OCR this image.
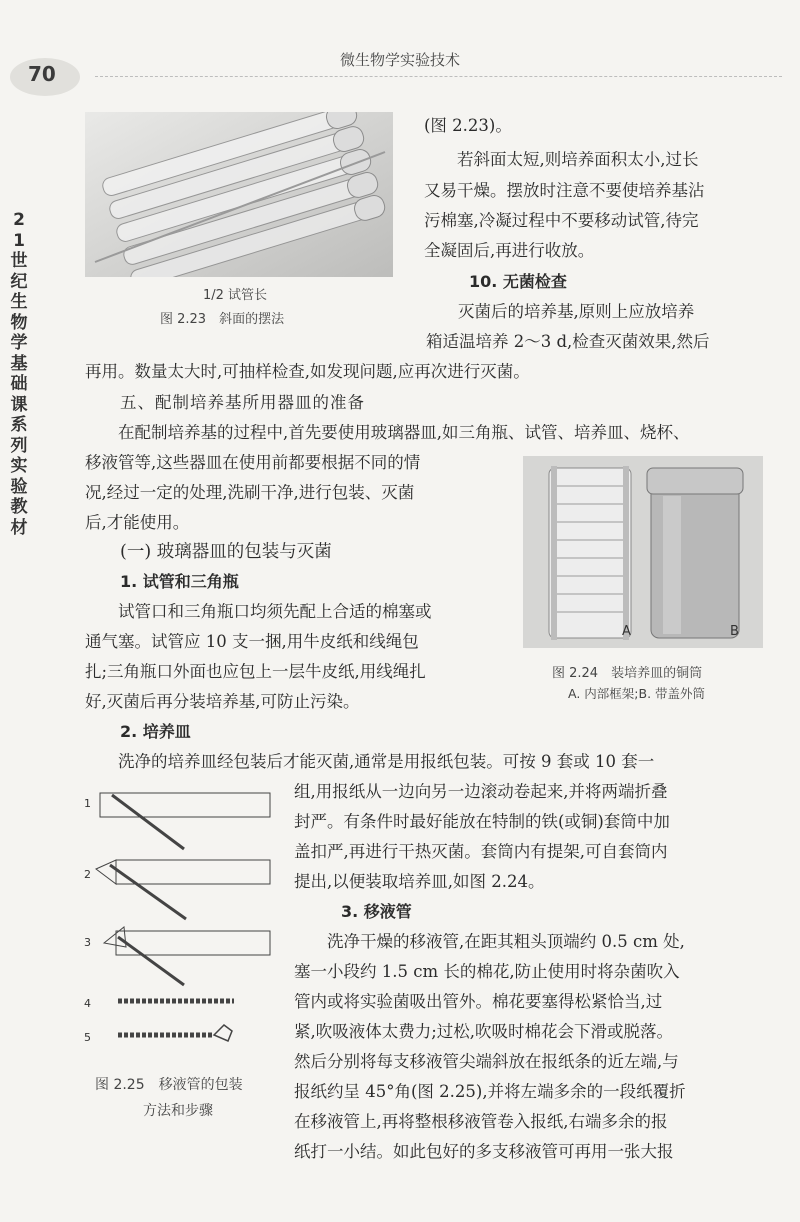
70
微生物学实验技术
21世纪生物学基础课系列实验教材
1/2 试管长
图 2.23　斜面的摆法
A	B
图 2.24　装培养皿的铜筒
A. 内部框架;B. 带盖外筒
1
2
3
4
5
图 2.25　移液管的包装
方法和步骤
(图 2.23)。
若斜面太短,则培养面积太小,过长
又易干燥。摆放时注意不要使培养基沾
污棉塞,冷凝过程中不要移动试管,待完
全凝固后,再进行收放。
10. 无菌检查
灭菌后的培养基,原则上应放培养
箱适温培养 2～3 d,检查灭菌效果,然后
再用。数量太大时,可抽样检查,如发现问题,应再次进行灭菌。
五、配制培养基所用器皿的准备
在配制培养基的过程中,首先要使用玻璃器皿,如三角瓶、试管、培养皿、烧杯、
移液管等,这些器皿在使用前都要根据不同的情
况,经过一定的处理,洗刷干净,进行包装、灭菌
后,才能使用。
(一) 玻璃器皿的包装与灭菌
1. 试管和三角瓶
试管口和三角瓶口均须先配上合适的棉塞或
通气塞。试管应 10 支一捆,用牛皮纸和线绳包
扎;三角瓶口外面也应包上一层牛皮纸,用线绳扎
好,灭菌后再分装培养基,可防止污染。
2. 培养皿
洗净的培养皿经包装后才能灭菌,通常是用报纸包装。可按 9 套或 10 套一
组,用报纸从一边向另一边滚动卷起来,并将两端折叠
封严。有条件时最好能放在特制的铁(或铜)套筒中加
盖扣严,再进行干热灭菌。套筒内有提架,可自套筒内
提出,以便装取培养皿,如图 2.24。
3. 移液管
洗净干燥的移液管,在距其粗头顶端约 0.5 cm 处,
塞一小段约 1.5 cm 长的棉花,防止使用时将杂菌吹入
管内或将实验菌吸出管外。棉花要塞得松紧恰当,过
紧,吹吸液体太费力;过松,吹吸时棉花会下滑或脱落。
然后分别将每支移液管尖端斜放在报纸条的近左端,与
报纸约呈 45°角(图 2.25),并将左端多余的一段纸覆折
在移液管上,再将整根移液管卷入报纸,右端多余的报
纸打一小结。如此包好的多支移液管可再用一张大报
